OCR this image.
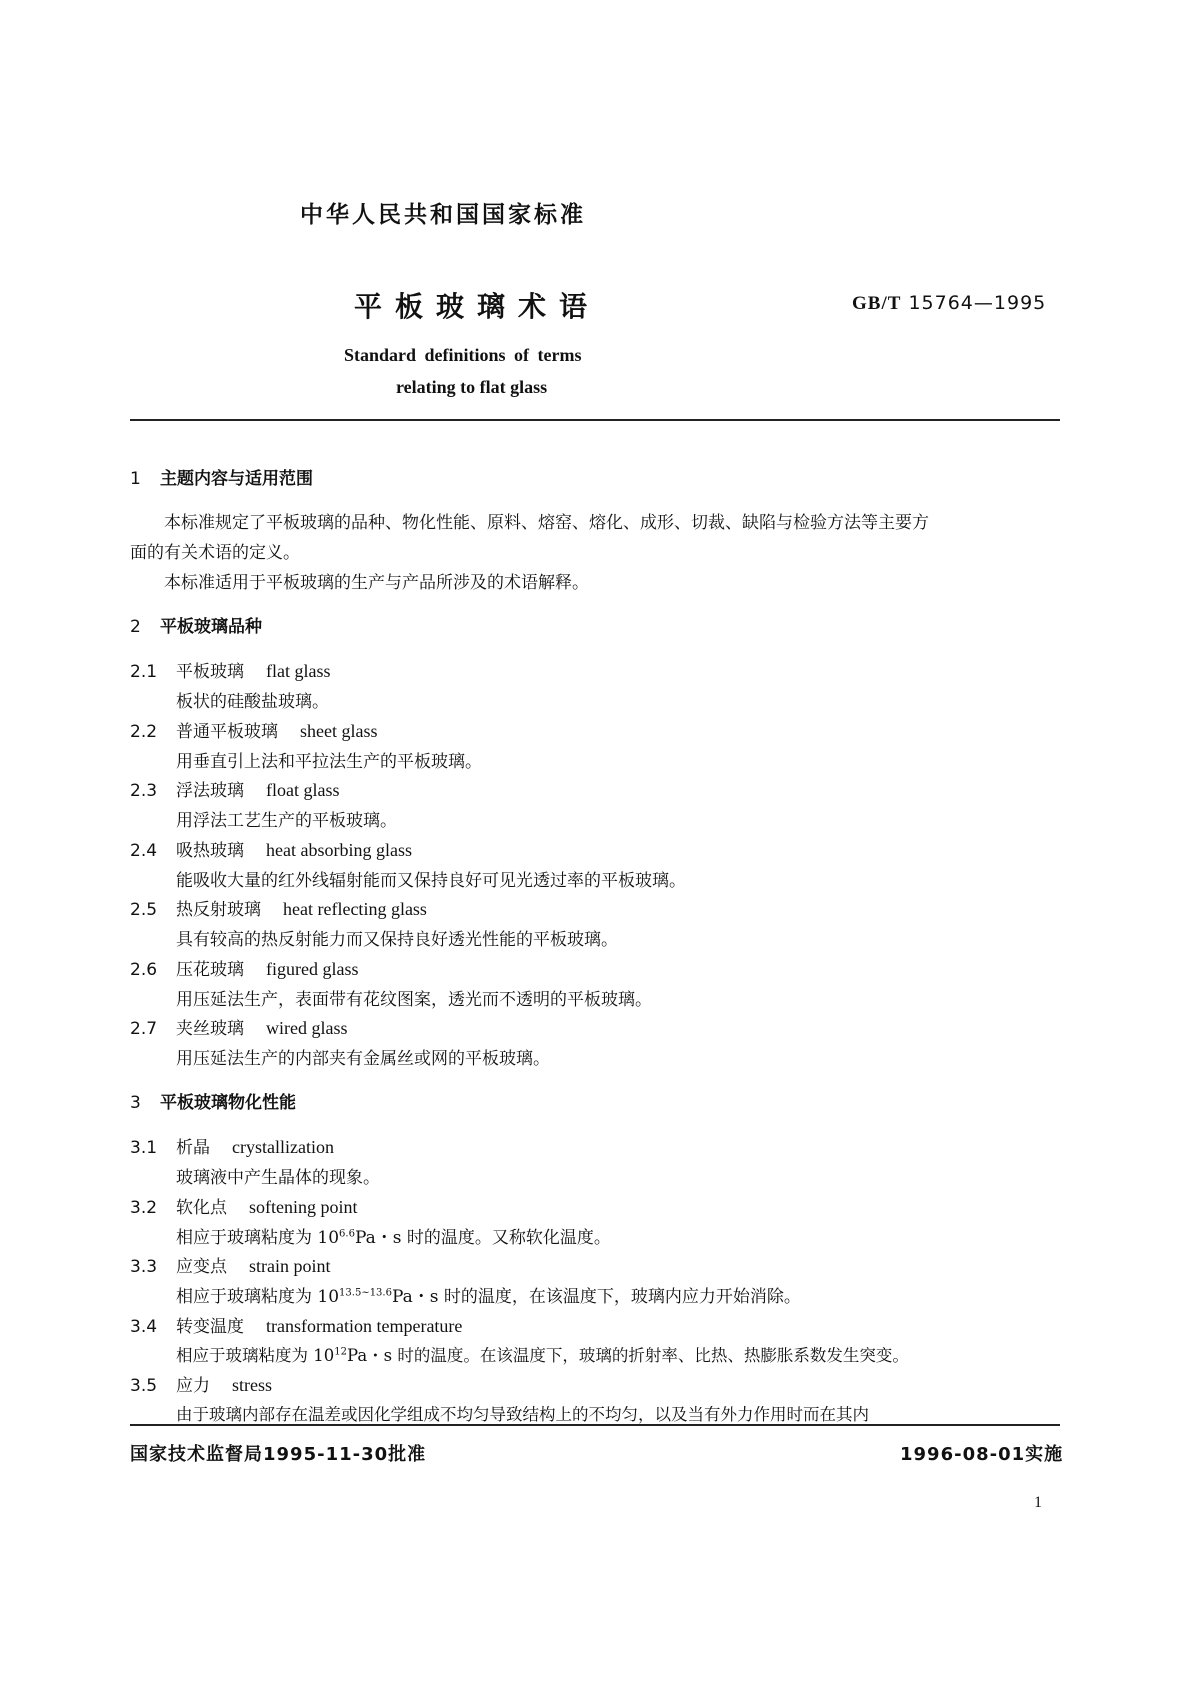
中华人民共和国国家标准
平板玻璃术语	GB/T 15764—1995
Standard definitions of terms
relating to flat glass
1 主题内容与适用范围
本标准规定了平板玻璃的品种、物化性能、原料、熔窑、熔化、成形、切裁、缺陷与检验方法等主要方
面的有关术语的定义。
本标准适用于平板玻璃的生产与产品所涉及的术语解释。
2 平板玻璃品种
2.1 平板玻璃 flat glass
板状的硅酸盐玻璃。
2.2 普通平板玻璃 sheet glass
用垂直引上法和平拉法生产的平板玻璃。
2.3 浮法玻璃 float glass
用浮法工艺生产的平板玻璃。
2.4 吸热玻璃 heat absorbing glass
能吸收大量的红外线辐射能而又保持良好可见光透过率的平板玻璃。
2.5 热反射玻璃 heat reflecting glass
具有较高的热反射能力而又保持良好透光性能的平板玻璃。
2.6 压花玻璃 figured glass
用压延法生产，表面带有花纹图案，透光而不透明的平板玻璃。
2.7 夹丝玻璃 wired glass
用压延法生产的内部夹有金属丝或网的平板玻璃。
3 平板玻璃物化性能
3.1 析晶 crystallization
玻璃液中产生晶体的现象。
3.2 软化点 softening point
相应于玻璃粘度为 $10^{6.6}Pa$・s 时的温度。又称软化温度。
3.3 应变点 strain point
相应于玻璃粘度为 $10^{13.5\sim 13.6}Pa$・s 时的温度，在该温度下，玻璃内应力开始消除。
3.4 转变温度 transformation temperature
相应于玻璃粘度为 $10^{12}Pa$・s 时的温度。在该温度下，玻璃的折射率、比热、热膨胀系数发生突变。
3.5 应力 stress
由于玻璃内部存在温差或因化学组成不均匀导致结构上的不均匀，以及当有外力作用时而在其内
国家技术监督局1995-11-30批准	1996-08-01实施
1
